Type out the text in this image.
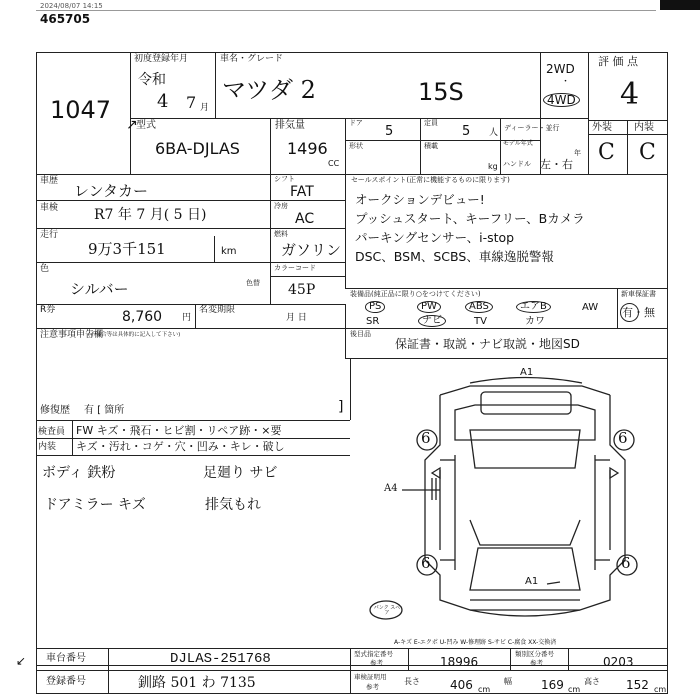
2024/08/07 14:15
465705
1047
↗
初度登録年月
令和
4 7 月
車名・グレード
マツダ 2	15S
2WD
・
4WD
評 価 点
4
外装 内装
C C
型式
6BA-DJLAS
排気量
1496
CC
ドア
5
定員
5 人 ディーラー・並行
形状	積載
kg
モデル年式
年
ハンドル 左・右
車歴
レンタカー
シフト
FAT
車検	R7 年 7 月( 5 日)
冷房
AC
走行
9万3千151	km
燃料
ガソリン
色
シルバー	色替
カラーコード
45P
R券	8,760 円
名変期限
月 日
注意事項申告欄
(不具合等は具体的に記入して下さい)
修復歴 有 [ 箇所	]
セールスポイント(正常に機能するものに限ります)
オークションデビュー!
プッシュスタート、キーフリー、Bカメラ
パーキングセンサー、i-stop
DSC、BSM、SCBS、車線逸脱警報
装備品(純正品に限り○をつけてください)
PS	PW	ABS	エアB	AW
SR	ナビ	TV	カワ
新車保証書
有・無
後目品
保証書・取説・ナビ取説・地図SD
検査員
内装
FW キズ・飛石・ヒビ割・リペア跡・×要
キズ・汚れ・コゲ・穴・凹み・キレ・破し
ボディ 鉄粉	足廻り サビ
ドアミラー キズ	排気もれ
A1
A4
A1
6	6
6	6
パンク スペア
A-キズ E-エクボ U-凹み W-修理跡 S-サビ C-腐食 XX-交換済
車台番号	DJLAS-251768
登録番号	釧路 501 わ 7135
型式指定番号
参考	18996
類別区分番号
参考	0203
車検証明用
参考
長さ	406 cm
幅 169 cm
高さ 152 cm
↙
